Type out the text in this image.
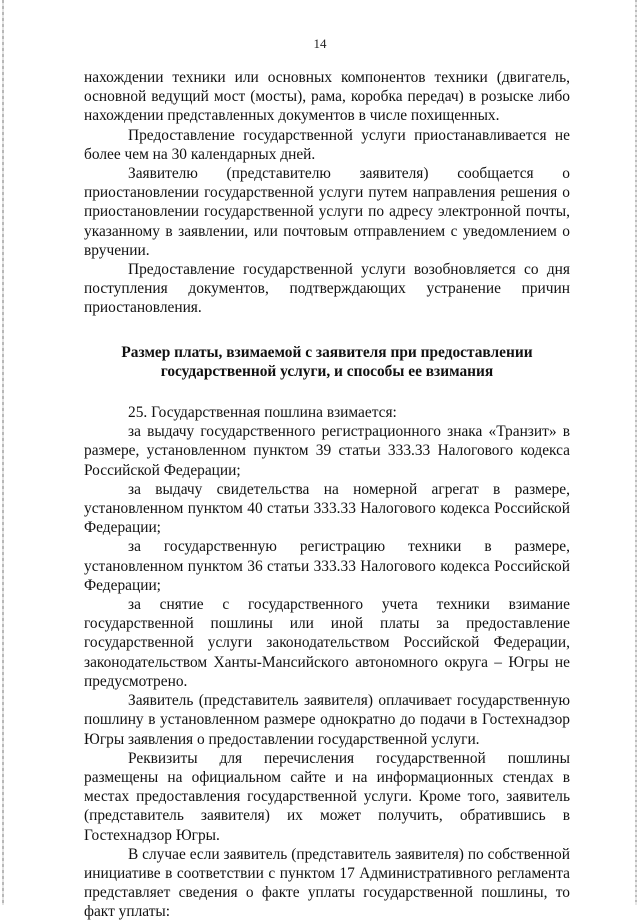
14

нахождении техники или основных компонентов техники (двигатель, основной ведущий мост (мосты), рама, коробка передач) в розыске либо нахождении представленных документов в числе похищенных.

Предоставление государственной услуги приостанавливается не более чем на 30 календарных дней.

Заявителю (представителю заявителя) сообщается о приостановлении государственной услуги путем направления решения о приостановлении государственной услуги по адресу электронной почты, указанному в заявлении, или почтовым отправлением с уведомлением о вручении.

Предоставление государственной услуги возобновляется со дня поступления документов, подтверждающих устранение причин приостановления.

Размер платы, взимаемой с заявителя при предоставлении государственной услуги, и способы ее взимания

25. Государственная пошлина взимается:

за выдачу государственного регистрационного знака «Транзит» в размере, установленном пунктом 39 статьи 333.33 Налогового кодекса Российской Федерации;

за выдачу свидетельства на номерной агрегат в размере, установленном пунктом 40 статьи 333.33 Налогового кодекса Российской Федерации;

за государственную регистрацию техники в размере, установленном пунктом 36 статьи 333.33 Налогового кодекса Российской Федерации;

за снятие с государственного учета техники взимание государственной пошлины или иной платы за предоставление государственной услуги законодательством Российской Федерации, законодательством Ханты-Мансийского автономного округа – Югры не предусмотрено.

Заявитель (представитель заявителя) оплачивает государственную пошлину в установленном размере однократно до подачи в Гостехнадзор Югры заявления о предоставлении государственной услуги.

Реквизиты для перечисления государственной пошлины размещены на официальном сайте и на информационных стендах в местах предоставления государственной услуги. Кроме того, заявитель (представитель заявителя) их может получить, обратившись в Гостехнадзор Югры.

В случае если заявитель (представитель заявителя) по собственной инициативе в соответствии с пунктом 17 Административного регламента представляет сведения о факте уплаты государственной пошлины, то факт уплаты:
